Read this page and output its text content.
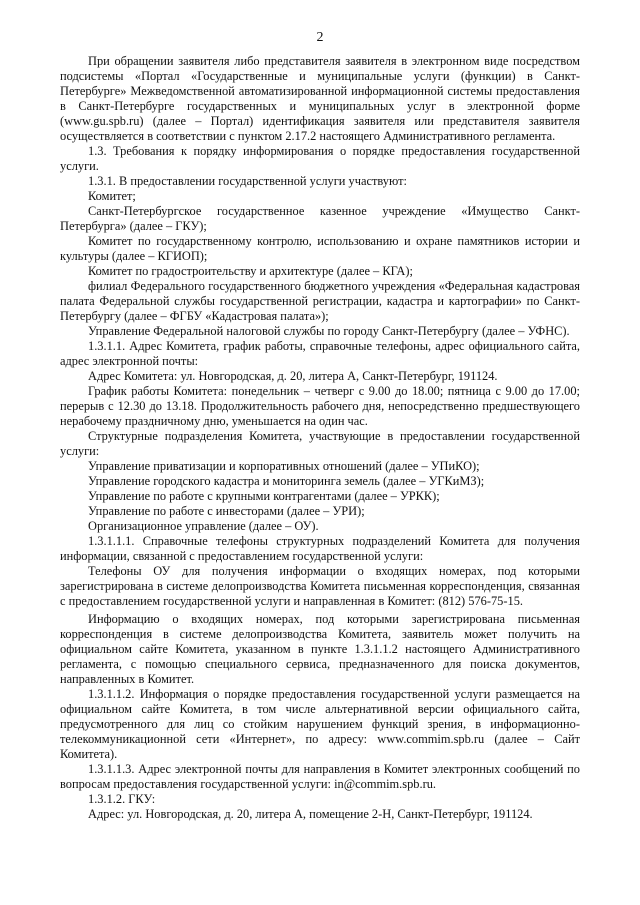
2

При обращении заявителя либо представителя заявителя в электронном виде посредством подсистемы «Портал «Государственные и муниципальные услуги (функции) в Санкт-Петербурге» Межведомственной автоматизированной информационной системы предоставления в Санкт-Петербурге государственных и муниципальных услуг в электронной форме (www.gu.spb.ru) (далее – Портал) идентификация заявителя или представителя заявителя осуществляется в соответствии с пунктом 2.17.2 настоящего Административного регламента.

1.3. Требования к порядку информирования о порядке предоставления государственной услуги.

1.3.1. В предоставлении государственной услуги участвуют:

Комитет;

Санкт-Петербургское государственное казенное учреждение «Имущество Санкт-Петербурга» (далее – ГКУ);

Комитет по государственному контролю, использованию и охране памятников истории и культуры (далее – КГИОП);

Комитет по градостроительству и архитектуре (далее – КГА);

филиал Федерального государственного бюджетного учреждения «Федеральная кадастровая палата Федеральной службы государственной регистрации, кадастра и картографии» по Санкт-Петербургу (далее – ФГБУ «Кадастровая палата»);

Управление Федеральной налоговой службы по городу Санкт-Петербургу (далее – УФНС).

1.3.1.1. Адрес Комитета, график работы, справочные телефоны, адрес официального сайта, адрес электронной почты:

Адрес Комитета: ул. Новгородская, д. 20, литера А, Санкт-Петербург, 191124.

График работы Комитета: понедельник – четверг с 9.00 до 18.00; пятница с 9.00 до 17.00; перерыв с 12.30 до 13.18. Продолжительность рабочего дня, непосредственно предшествующего нерабочему праздничному дню, уменьшается на один час.

Структурные подразделения Комитета, участвующие в предоставлении государственной услуги:

Управление приватизации и корпоративных отношений (далее – УПиКО);

Управление городского кадастра и мониторинга земель (далее – УГКиМЗ);

Управление по работе с крупными контрагентами (далее – УРКК);

Управление по работе с инвесторами (далее – УРИ);

Организационное управление (далее – ОУ).

1.3.1.1.1. Справочные телефоны структурных подразделений Комитета для получения информации, связанной с предоставлением государственной услуги:

Телефоны ОУ для получения информации о входящих номерах, под которыми зарегистрирована в системе делопроизводства Комитета письменная корреспонденция, связанная с предоставлением государственной услуги и направленная в Комитет: (812) 576-75-15.

Информацию о входящих номерах, под которыми зарегистрирована письменная корреспонденция в системе делопроизводства Комитета, заявитель может получить на официальном сайте Комитета, указанном в пункте 1.3.1.1.2 настоящего Административного регламента, с помощью специального сервиса, предназначенного для поиска документов, направленных в Комитет.

1.3.1.1.2. Информация о порядке предоставления государственной услуги размещается на официальном сайте Комитета, в том числе альтернативной версии официального сайта, предусмотренного для лиц со стойким нарушением функций зрения, в информационно-телекоммуникационной сети «Интернет», по адресу: www.commim.spb.ru (далее – Сайт Комитета).

1.3.1.1.3. Адрес электронной почты для направления в Комитет электронных сообщений по вопросам предоставления государственной услуги: in@commim.spb.ru.

1.3.1.2. ГКУ:

Адрес: ул. Новгородская, д. 20, литера А, помещение 2-Н, Санкт-Петербург, 191124.
